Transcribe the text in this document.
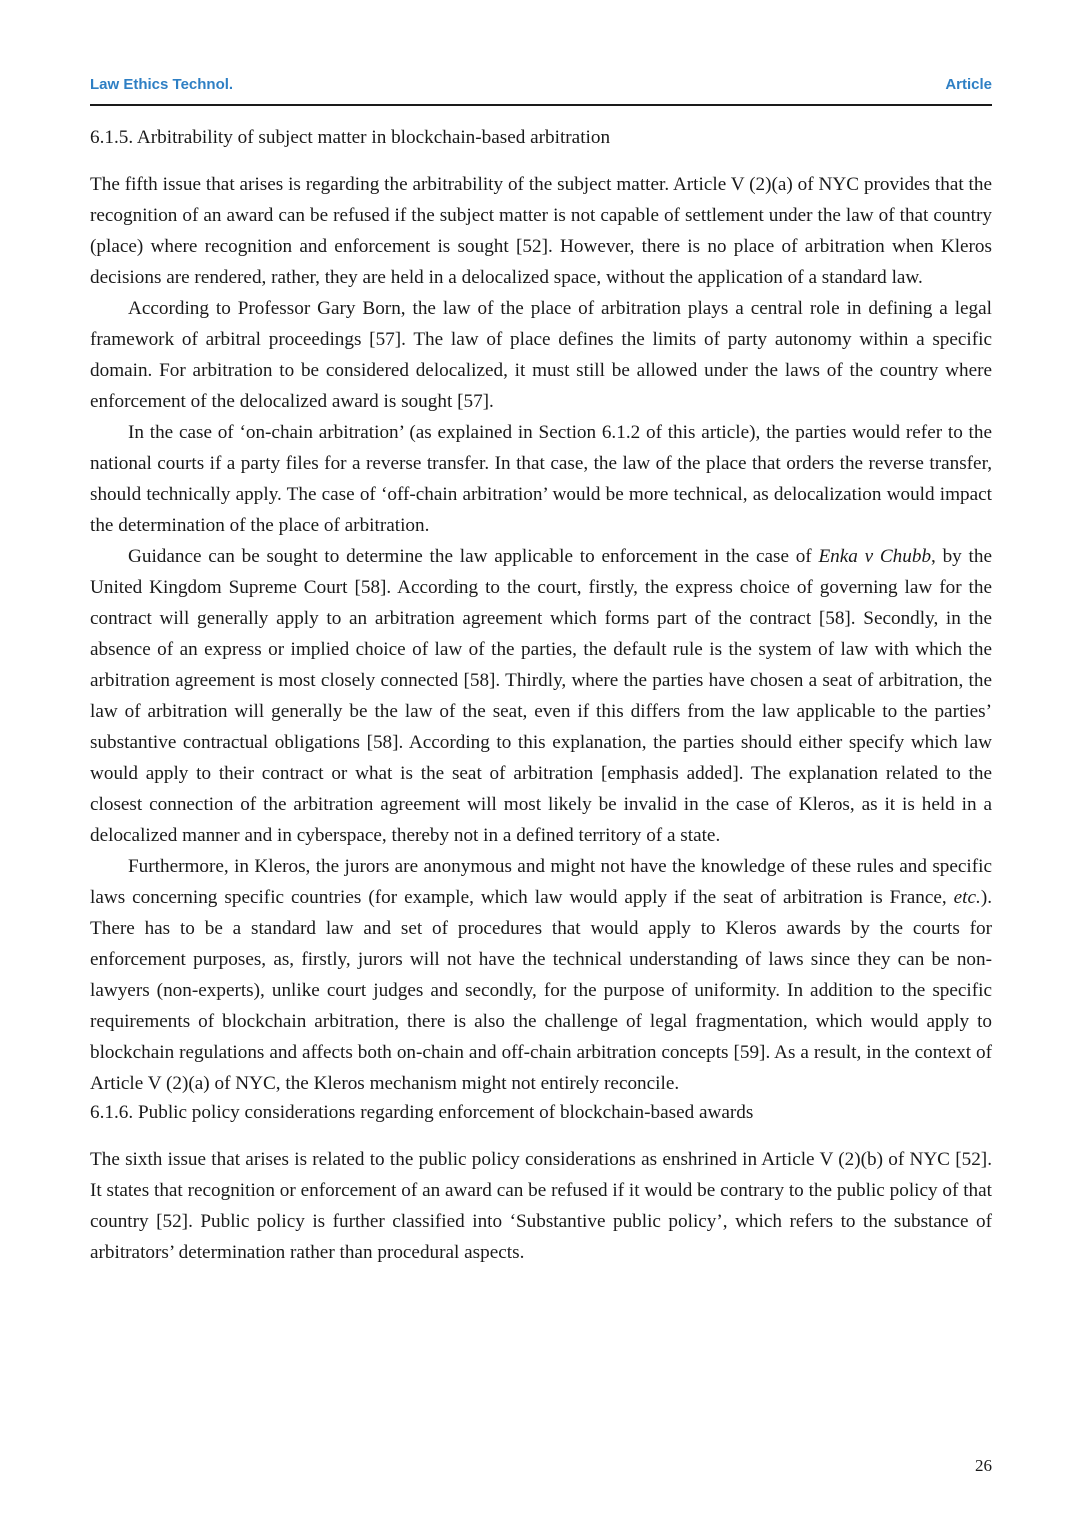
Law Ethics Technol.	Article
6.1.5. Arbitrability of subject matter in blockchain-based arbitration

The fifth issue that arises is regarding the arbitrability of the subject matter. Article V (2)(a) of NYC provides that the recognition of an award can be refused if the subject matter is not capable of settlement under the law of that country (place) where recognition and enforcement is sought [52]. However, there is no place of arbitration when Kleros decisions are rendered, rather, they are held in a delocalized space, without the application of a standard law.

According to Professor Gary Born, the law of the place of arbitration plays a central role in defining a legal framework of arbitral proceedings [57]. The law of place defines the limits of party autonomy within a specific domain. For arbitration to be considered delocalized, it must still be allowed under the laws of the country where enforcement of the delocalized award is sought [57].

In the case of ‘on-chain arbitration’ (as explained in Section 6.1.2 of this article), the parties would refer to the national courts if a party files for a reverse transfer. In that case, the law of the place that orders the reverse transfer, should technically apply. The case of ‘off-chain arbitration’ would be more technical, as delocalization would impact the determination of the place of arbitration.

Guidance can be sought to determine the law applicable to enforcement in the case of Enka v Chubb, by the United Kingdom Supreme Court [58]. According to the court, firstly, the express choice of governing law for the contract will generally apply to an arbitration agreement which forms part of the contract [58]. Secondly, in the absence of an express or implied choice of law of the parties, the default rule is the system of law with which the arbitration agreement is most closely connected [58]. Thirdly, where the parties have chosen a seat of arbitration, the law of arbitration will generally be the law of the seat, even if this differs from the law applicable to the parties’ substantive contractual obligations [58]. According to this explanation, the parties should either specify which law would apply to their contract or what is the seat of arbitration [emphasis added]. The explanation related to the closest connection of the arbitration agreement will most likely be invalid in the case of Kleros, as it is held in a delocalized manner and in cyberspace, thereby not in a defined territory of a state.

Furthermore, in Kleros, the jurors are anonymous and might not have the knowledge of these rules and specific laws concerning specific countries (for example, which law would apply if the seat of arbitration is France, etc.). There has to be a standard law and set of procedures that would apply to Kleros awards by the courts for enforcement purposes, as, firstly, jurors will not have the technical understanding of laws since they can be non-lawyers (non-experts), unlike court judges and secondly, for the purpose of uniformity. In addition to the specific requirements of blockchain arbitration, there is also the challenge of legal fragmentation, which would apply to blockchain regulations and affects both on-chain and off-chain arbitration concepts [59]. As a result, in the context of Article V (2)(a) of NYC, the Kleros mechanism might not entirely reconcile.

6.1.6. Public policy considerations regarding enforcement of blockchain-based awards

The sixth issue that arises is related to the public policy considerations as enshrined in Article V (2)(b) of NYC [52]. It states that recognition or enforcement of an award can be refused if it would be contrary to the public policy of that country [52]. Public policy is further classified into ‘Substantive public policy’, which refers to the substance of arbitrators’ determination rather than procedural aspects.

26
